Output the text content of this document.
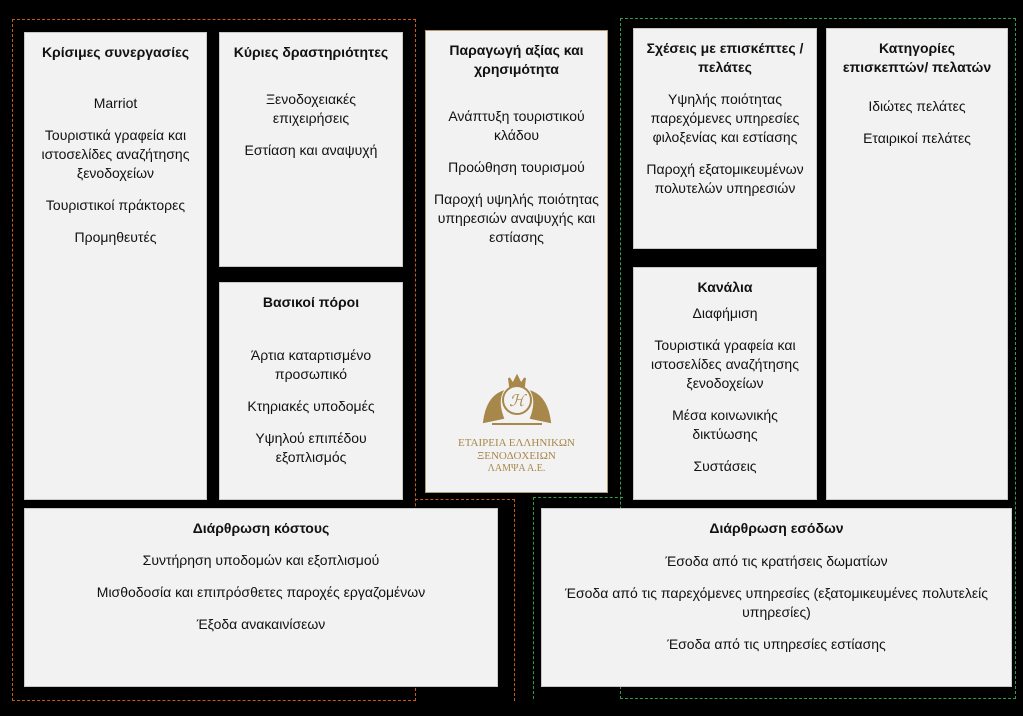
Κρίσιμες συνεργασίες
Marriot
Τουριστικά γραφεία και ιστοσελίδες αναζήτησης ξενοδοχείων
Τουριστικοί πράκτορες
Προμηθευτές
Κύριες δραστηριότητες
Ξενοδοχειακές επιχειρήσεις
Εστίαση και αναψυχή
Βασικοί πόροι
Άρτια καταρτισμένο προσωπικό
Κτηριακές υποδομές
Υψηλού επιπέδου εξοπλισμός
Παραγωγή αξίας και χρησιμότητα
Ανάπτυξη τουριστικού κλάδου
Προώθηση τουρισμού
Παροχή υψηλής ποιότητας υπηρεσιών αναψυχής και εστίασης
ℋ
ΕΤΑΙΡΕΙΑ ΕΛΛΗΝΙΚΩΝ ΞΕΝΟΔΟΧΕΙΩΝ
ΛΑΜΨΑ Α.Ε.
Σχέσεις με επισκέπτες / πελάτες
Υψηλής ποιότητας παρεχόμενες υπηρεσίες φιλοξενίας και εστίασης
Παροχή εξατομικευμένων πολυτελών υπηρεσιών
Κανάλια
Διαφήμιση
Τουριστικά γραφεία και ιστοσελίδες αναζήτησης ξενοδοχείων
Μέσα κοινωνικής δικτύωσης
Συστάσεις
Κατηγορίες επισκεπτών/ πελατών
Ιδιώτες πελάτες
Εταιρικοί πελάτες
Διάρθρωση κόστους
Συντήρηση υποδομών και εξοπλισμού
Μισθοδοσία και επιπρόσθετες παροχές εργαζομένων
Έξοδα ανακαινίσεων
Διάρθρωση εσόδων
Έσοδα από τις κρατήσεις δωματίων
Έσοδα από τις παρεχόμενες υπηρεσίες (εξατομικευμένες πολυτελείς υπηρεσίες)
Έσοδα από τις υπηρεσίες εστίασης
